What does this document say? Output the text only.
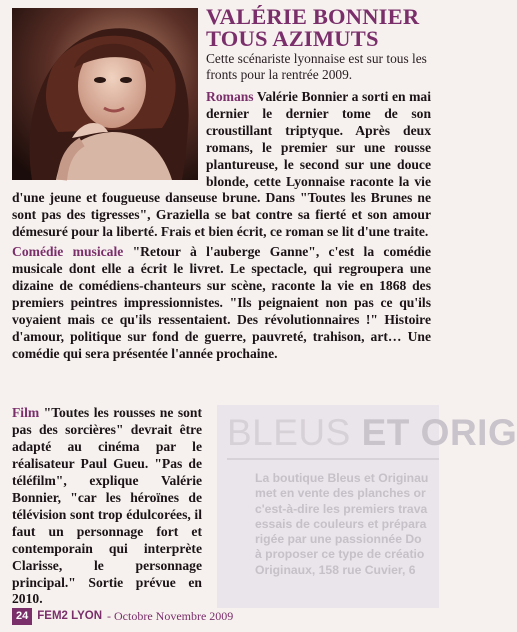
VALÉRIE BONNIER
TOUS AZIMUTS
Cette scénariste lyonnaise est sur tous les fronts pour la rentrée 2009.

Romans Valérie Bonnier a sorti en mai dernier le dernier tome de son croustillant triptyque. Après deux romans, le premier sur une rousse plantureuse, le second sur une douce blonde, cette Lyonnaise raconte la vie d'une jeune et fougueuse danseuse brune. Dans "Toutes les Brunes ne sont pas des tigresses", Graziella se bat contre sa fierté et son amour démesuré pour la liberté. Frais et bien écrit, ce roman se lit d'une traite.

Comédie musicale "Retour à l'auberge Ganne", c'est la comédie musicale dont elle a écrit le livret. Le spectacle, qui regroupera une dizaine de comédiens-chanteurs sur scène, raconte la vie en 1868 des premiers peintres impressionnistes. "Ils peignaient non pas ce qu'ils voyaient mais ce qu'ils ressentaient. Des révolutionnaires !" Histoire d'amour, politique sur fond de guerre, pauvreté, trahison, art… Une comédie qui sera présentée l'année prochaine.

Film "Toutes les rousses ne sont pas des sorcières" devrait être adapté au cinéma par le réalisateur Paul Gueu. "Pas de téléfilm", explique Valérie Bonnier, "car les héroïnes de télévision sont trop édulcorées, il faut un personnage fort et contemporain qui interprète Clarisse, le personnage principal." Sortie prévue en 2010.

BLEUS ET ORIG
La boutique Bleus et Originau
met en vente des planches or
c'est-à-dire les premiers trava
essais de couleurs et prépara
rigée par une passionnée Do
à proposer ce type de créatio
Originaux, 158 rue Cuvier, 6
24 FEM2 LYON - Octobre Novembre 2009
